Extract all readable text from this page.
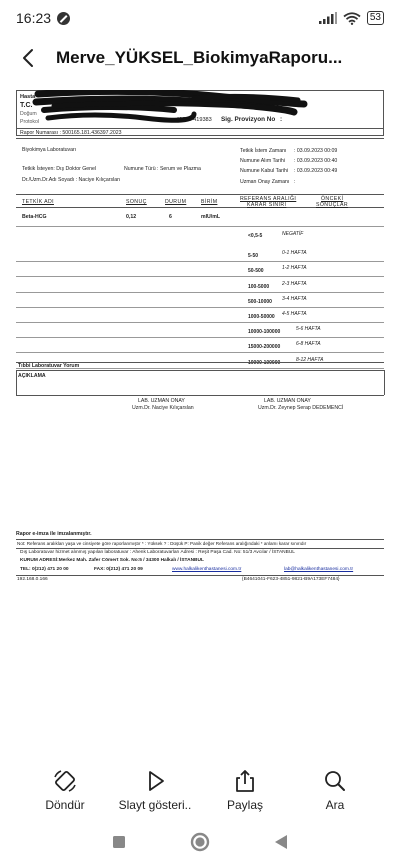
16:23	53
Merve_YÜKSEL_BiokimyaRaporu...
Hasta
T.C.
Doğum
Protokol	4272 / 419383 Sig. Provizyon No :
Rapor Numarası : 500165.181.436397.2023
Biyokimya Laboratuvarı	Tetkik İstem Zamanı : 03.09.2023 00:09
Numune Alım Tarihi : 03.09.2023 00:40
Tetkik İsteyen: Dış Doktor Genel	Numune Türü : Serum ve Plazma	Numune Kabul Tarihi : 03.09.2023 00:49
Dr./Uzm.Dr.Adı Soyadı : Naciye Kılıçarslan	Uzman Onay Zamanı :
TETKİK ADI	SONUÇ	DURUM	BİRİM	REFERANS ARALIĞI
KARAR SINIRI
ÖNCEKİ
SONUÇLAR
Beta-HCG	0,12	6	mIU/mL
<0,5-5	NEGATİF
5-50	0-1 HAFTA
50-500	1-2 HAFTA
100-5000	2-3 HAFTA
500-10000 3-4 HAFTA
1000-50000 4-5 HAFTA
10000-100000	5-6 HAFTA
15000-200000	6-8 HAFTA
10000-100000	8-12 HAFTA
Tıbbi Laboratuvar Yorum
AÇIKLAMA
LAB. UZMAN ONAY
Uzm.Dr. Naciye Kılıçarslan
LAB. UZMAN ONAY
Uzm.Dr. Zeynep Serap DEDEMENCİ
Rapor e-imza ile imzalanmıştır.
Not: Referans aralıkları yaşa ve cinsiyete göre raporlanmıştır * : Yüksek ? : Düşük P: Panik değer Referans aralığındaki * anlamı karar sınırıdır
Dış Laboratuvar hizmet alınmış yapılan laboratuvar : Ahenk Laboratuvarları Adresi : Reşit Paşa Cad. No: 51/3 Avcılar / İSTANBUL
KURUM ADRESİ:Merkez Mah. Zafer Cömert Sok. No:5 / 34300 Halkalı / İSTANBUL
TEL: 0(212) 471 20 00	FAX: 0(212) 471 20 09	www.halkalikenthastanesi.com.tr	lab@halkalikenthastanesi.com.tr
192.168.0.166	{B4641041-F623-4851-9821-B9A173EF7484}
Döndür	Slayt gösteri..	Paylaş	Ara
